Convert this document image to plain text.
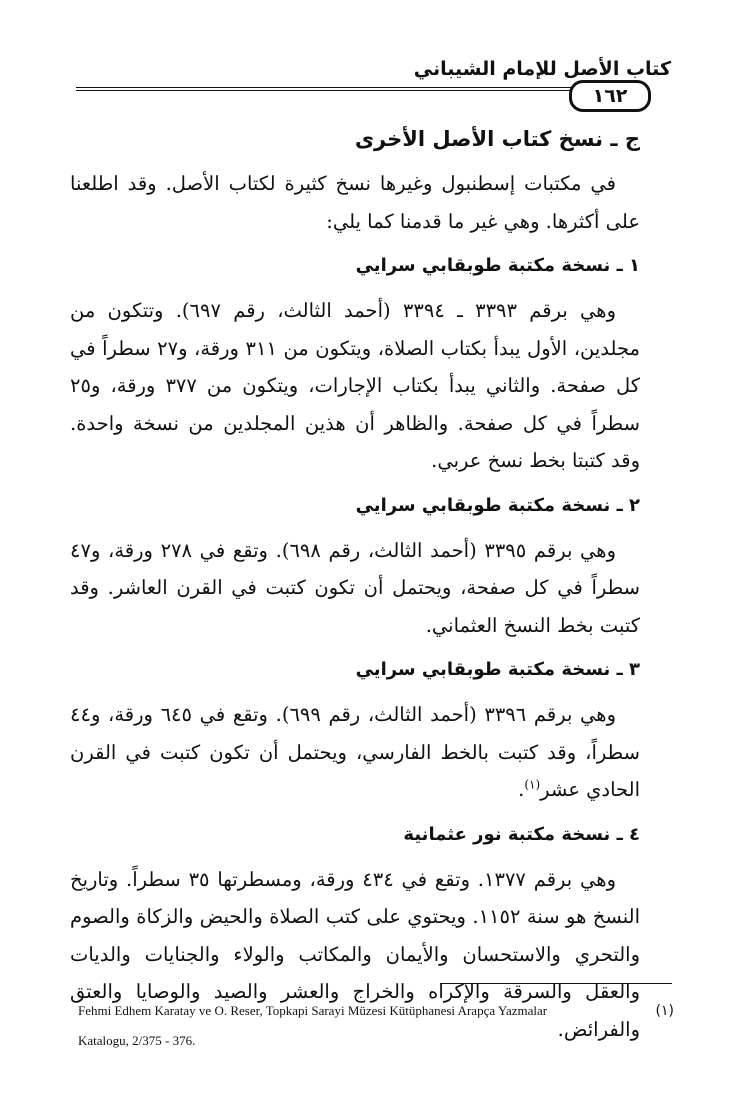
كتاب الأصل للإمام الشيباني
١٦٢
ج ـ نسخ كتاب الأصل الأخرى

في مكتبات إسطنبول وغيرها نسخ كثيرة لكتاب الأصل. وقد اطلعنا على أكثرها. وهي غير ما قدمنا كما يلي:

١ ـ نسخة مكتبة طوبقابي سرايي

وهي برقم ٣٣٩٣ ـ ٣٣٩٤ (أحمد الثالث، رقم ٦٩٧). وتتكون من مجلدين، الأول يبدأ بكتاب الصلاة، ويتكون من ٣١١ ورقة، و٢٧ سطراً في كل صفحة. والثاني يبدأ بكتاب الإجارات، ويتكون من ٣٧٧ ورقة، و٢٥ سطراً في كل صفحة. والظاهر أن هذين المجلدين من نسخة واحدة. وقد كتبتا بخط نسخ عربي.

٢ ـ نسخة مكتبة طوبقابي سرايي

وهي برقم ٣٣٩٥ (أحمد الثالث، رقم ٦٩٨). وتقع في ٢٧٨ ورقة، و٤٧ سطراً في كل صفحة، ويحتمل أن تكون كتبت في القرن العاشر. وقد كتبت بخط النسخ العثماني.

٣ ـ نسخة مكتبة طوبقابي سرايي

وهي برقم ٣٣٩٦ (أحمد الثالث، رقم ٦٩٩). وتقع في ٦٤٥ ورقة، و٤٤ سطراً، وقد كتبت بالخط الفارسي، ويحتمل أن تكون كتبت في القرن الحادي عشر$^{(١)}$.

٤ ـ نسخة مكتبة نور عثمانية

وهي برقم ١٣٧٧. وتقع في ٤٣٤ ورقة، ومسطرتها ٣٥ سطراً. وتاريخ النسخ هو سنة ١١٥٢. ويحتوي على كتب الصلاة والحيض والزكاة والصوم والتحري والاستحسان والأيمان والمكاتب والولاء والجنايات والديات والعقل والسرقة والإكراه والخراج والعشر والصيد والوصايا والعتق والفرائض.

Fehmi Edhem Karatay ve O. Reser, Topkapi Sarayi Müzesi Kütüphanesi Arapça Yazmalar	(١)
Katalogu, 2/375 - 376.
